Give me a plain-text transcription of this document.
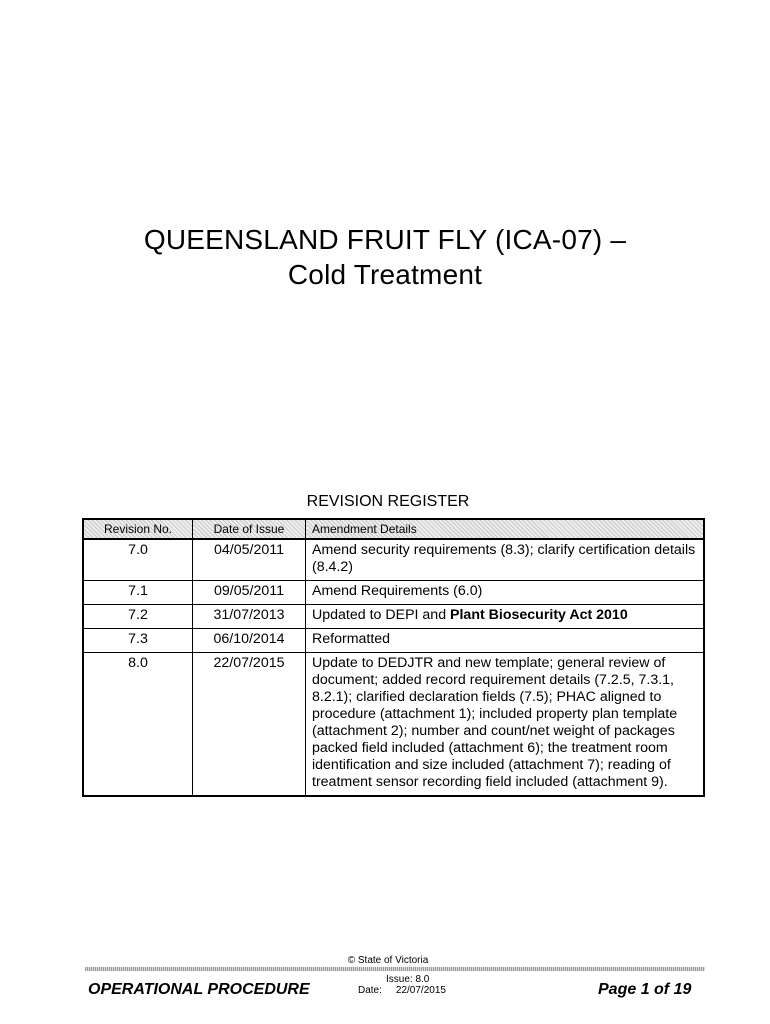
QUEENSLAND FRUIT FLY (ICA-07) –
Cold Treatment
REVISION REGISTER
Revision No.	Date of Issue	Amendment Details
7.0	04/05/2011	Amend security requirements (8.3); clarify certification details (8.4.2)
7.1	09/05/2011	Amend Requirements (6.0)
7.2	31/07/2013	Updated to DEPI and Plant Biosecurity Act 2010
7.3	06/10/2014	Reformatted
8.0	22/07/2015	Update to DEDJTR and new template; general review of document; added record requirement details (7.2.5, 7.3.1, 8.2.1); clarified declaration fields (7.5); PHAC aligned to procedure (attachment 1); included property plan template (attachment 2); number and count/net weight of packages packed field included (attachment 6); the treatment room identification and size included (attachment 7); reading of treatment sensor recording field included (attachment 9).
© State of Victoria
OPERATIONAL PROCEDURE
Issue: 8.0
Date: 22/07/2015	Page 1 of 19
